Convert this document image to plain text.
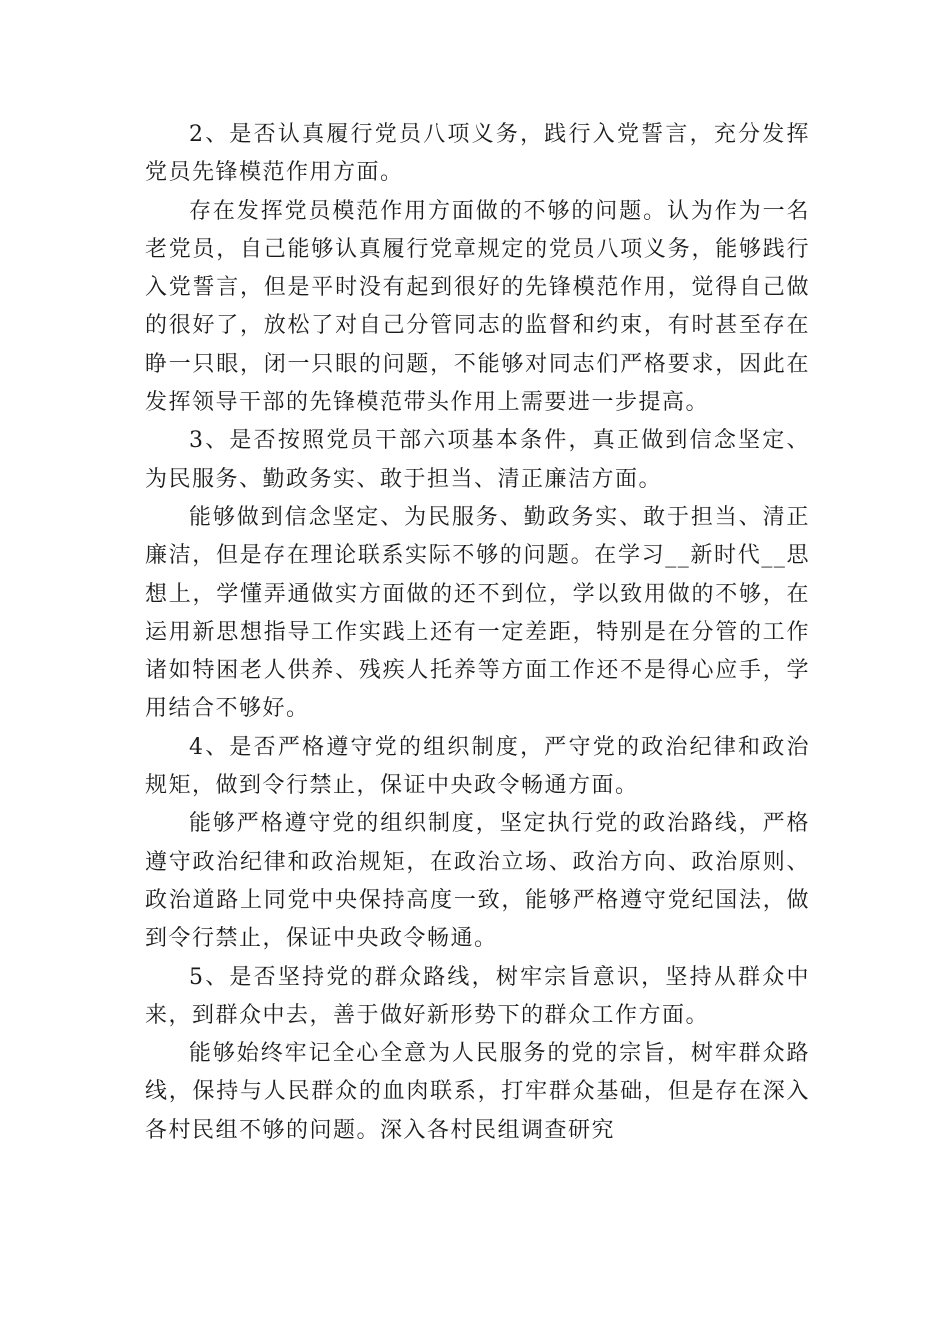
2、是否认真履行党员八项义务，践行入党誓言，充分发挥党员先锋模范作用方面。

存在发挥党员模范作用方面做的不够的问题。认为作为一名老党员，自己能够认真履行党章规定的党员八项义务，能够践行入党誓言，但是平时没有起到很好的先锋模范作用，觉得自己做的很好了，放松了对自己分管同志的监督和约束，有时甚至存在睁一只眼，闭一只眼的问题，不能够对同志们严格要求，因此在发挥领导干部的先锋模范带头作用上需要进一步提高。

3、是否按照党员干部六项基本条件，真正做到信念坚定、为民服务、勤政务实、敢于担当、清正廉洁方面。

能够做到信念坚定、为民服务、勤政务实、敢于担当、清正廉洁，但是存在理论联系实际不够的问题。在学习__新时代__思想上，学懂弄通做实方面做的还不到位，学以致用做的不够，在运用新思想指导工作实践上还有一定差距，特别是在分管的工作诸如特困老人供养、残疾人托养等方面工作还不是得心应手，学用结合不够好。

4、是否严格遵守党的组织制度，严守党的政治纪律和政治规矩，做到令行禁止，保证中央政令畅通方面。

能够严格遵守党的组织制度，坚定执行党的政治路线，严格遵守政治纪律和政治规矩，在政治立场、政治方向、政治原则、政治道路上同党中央保持高度一致，能够严格遵守党纪国法，做到令行禁止，保证中央政令畅通。

5、是否坚持党的群众路线，树牢宗旨意识，坚持从群众中来，到群众中去，善于做好新形势下的群众工作方面。

能够始终牢记全心全意为人民服务的党的宗旨，树牢群众路线，保持与人民群众的血肉联系，打牢群众基础，但是存在深入各村民组不够的问题。深入各村民组调查研究
